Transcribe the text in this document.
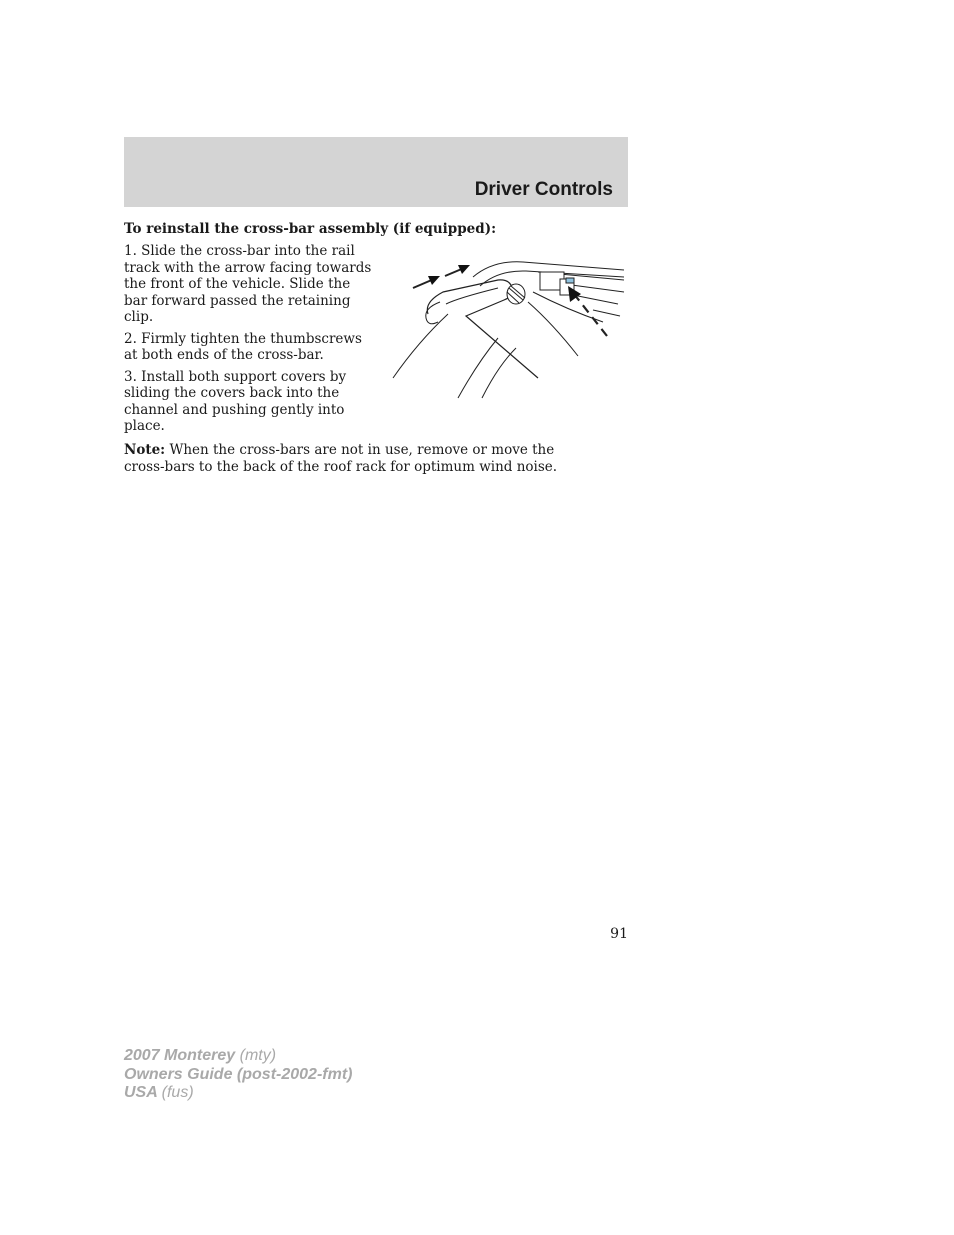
Driver Controls

To reinstall the cross-bar assembly (if equipped):

1. Slide the cross-bar into the rail track with the arrow facing towards the front of the vehicle. Slide the bar forward passed the retaining clip.

2. Firmly tighten the thumbscrews at both ends of the cross-bar.

3. Install both support covers by sliding the covers back into the channel and pushing gently into place.

Note: When the cross-bars are not in use, remove or move the cross-bars to the back of the roof rack for optimum wind noise.

91
2007 Monterey (mty)
Owners Guide (post-2002-fmt)
USA (fus)
